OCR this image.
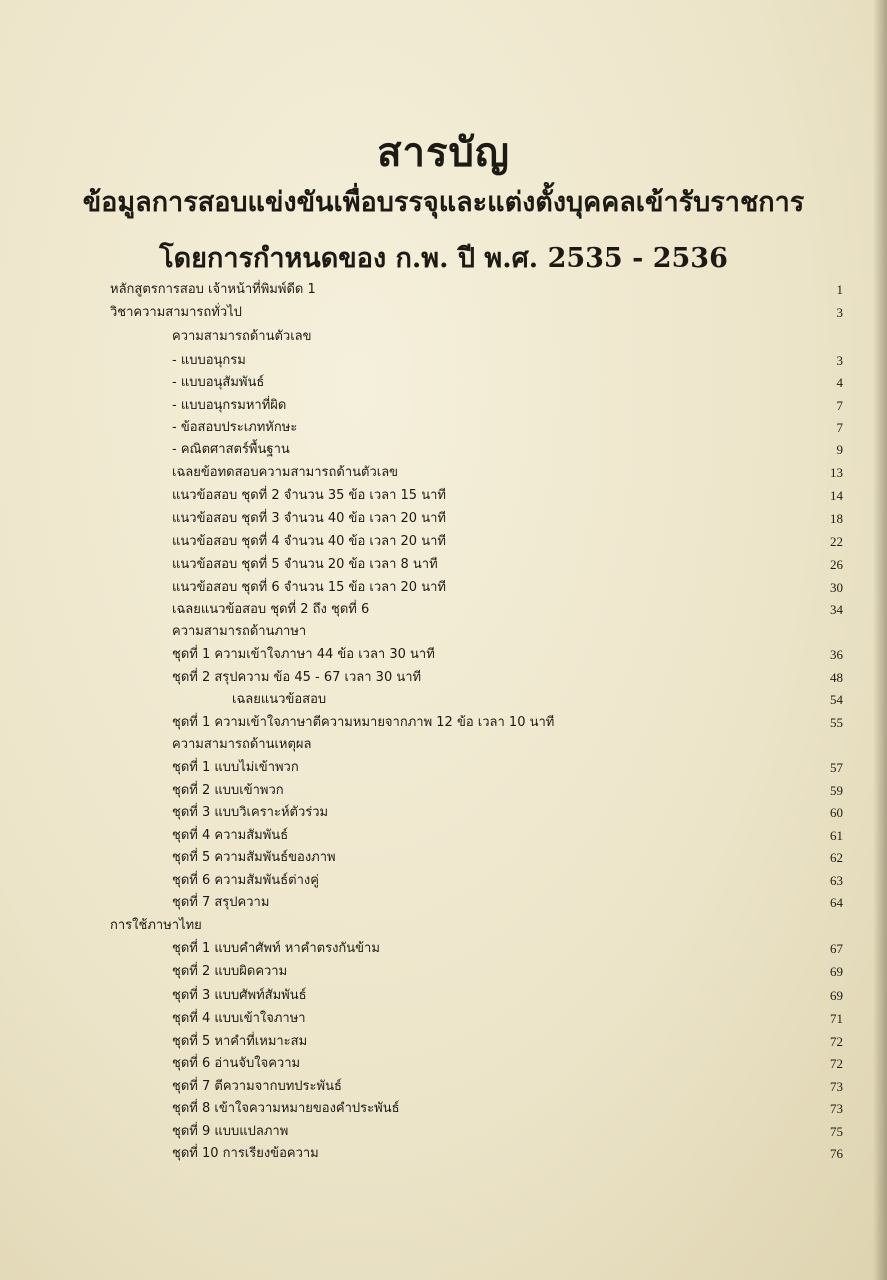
สารบัญ
ข้อมูลการสอบแข่งขันเพื่อบรรจุและแต่งตั้งบุคคลเข้ารับราชการ
โดยการกำหนดของ ก.พ. ปี พ.ศ. 2535 - 2536
หลักสูตรการสอบ เจ้าหน้าที่พิมพ์ดีด 1	1
วิชาความสามารถทั่วไป	3
ความสามารถด้านตัวเลข
- แบบอนุกรม	3
- แบบอนุสัมพันธ์	4
- แบบอนุกรมหาที่ผิด	7
- ข้อสอบประเภทหักษะ	7
- คณิตศาสตร์พื้นฐาน	9
เฉลยข้อทดสอบความสามารถด้านตัวเลข	13
แนวข้อสอบ ชุดที่ 2 จำนวน 35 ข้อ เวลา 15 นาที	14
แนวข้อสอบ ชุดที่ 3 จำนวน 40 ข้อ เวลา 20 นาที	18
แนวข้อสอบ ชุดที่ 4 จำนวน 40 ข้อ เวลา 20 นาที	22
แนวข้อสอบ ชุดที่ 5 จำนวน 20 ข้อ เวลา 8 นาที	26
แนวข้อสอบ ชุดที่ 6 จำนวน 15 ข้อ เวลา 20 นาที	30
เฉลยแนวข้อสอบ ชุดที่ 2 ถึง ชุดที่ 6	34
ความสามารถด้านภาษา
ชุดที่ 1 ความเข้าใจภาษา 44 ข้อ เวลา 30 นาที	36
ชุดที่ 2 สรุปความ ข้อ 45 - 67 เวลา 30 นาที	48
เฉลยแนวข้อสอบ	54
ชุดที่ 1 ความเข้าใจภาษาตีความหมายจากภาพ 12 ข้อ เวลา 10 นาที	55
ความสามารถด้านเหตุผล
ชุดที่ 1 แบบไม่เข้าพวก	57
ชุดที่ 2 แบบเข้าพวก	59
ชุดที่ 3 แบบวิเคราะห์ตัวร่วม	60
ชุดที่ 4 ความสัมพันธ์	61
ชุดที่ 5 ความสัมพันธ์ของภาพ	62
ชุดที่ 6 ความสัมพันธ์ต่างคู่	63
ชุดที่ 7 สรุปความ	64
การใช้ภาษาไทย
ชุดที่ 1 แบบคำศัพท์ หาคำตรงกันข้าม	67
ชุดที่ 2 แบบผิดความ	69
ชุดที่ 3 แบบศัพท์สัมพันธ์	69
ชุดที่ 4 แบบเข้าใจภาษา	71
ชุดที่ 5 หาคำที่เหมาะสม	72
ชุดที่ 6 อ่านจับใจความ	72
ชุดที่ 7 ตีความจากบทประพันธ์	73
ชุดที่ 8 เข้าใจความหมายของคำประพันธ์	73
ชุดที่ 9 แบบแปลภาพ	75
ชุดที่ 10 การเรียงข้อความ	76
